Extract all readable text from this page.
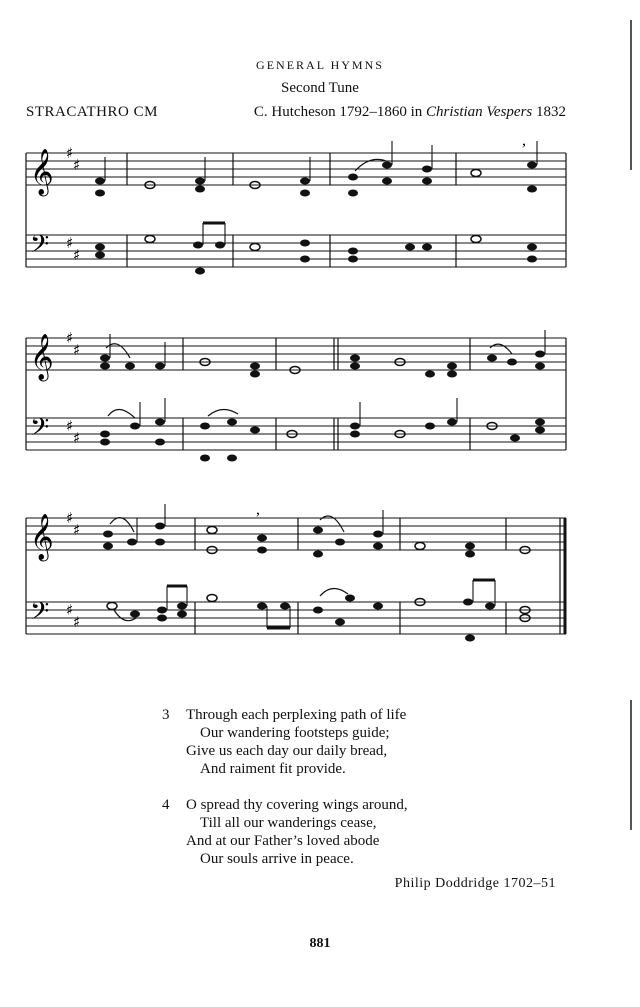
GENERAL HYMNS
Second Tune
STRACATHRO CM	C. Hutcheson 1792–1860 in Christian Vespers 1832
𝄞
𝄢
♯
♯
♯
♯
,
𝄞
𝄢
♯
♯
♯
♯
𝄞
𝄢
♯
♯
♯
♯
,
3 Through each perplexing path of life
Our wandering footsteps guide;
Give us each day our daily bread,
And raiment fit provide.
4 O spread thy covering wings around,
Till all our wanderings cease,
And at our Father’s loved abode
Our souls arrive in peace.
Philip Doddridge 1702–51
881
